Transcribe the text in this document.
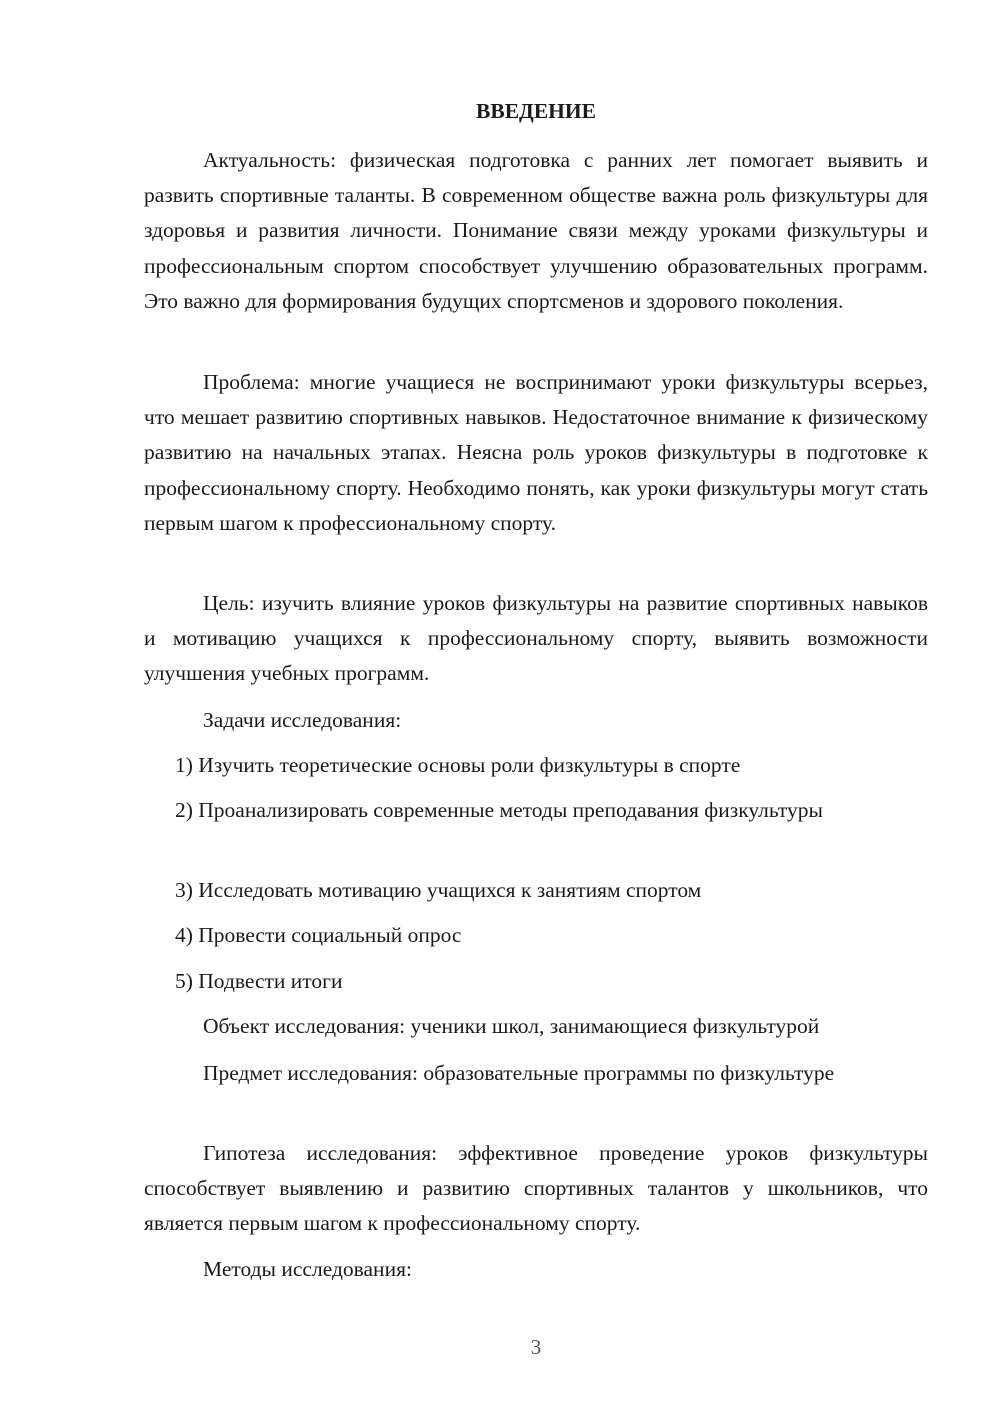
ВВЕДЕНИЕ

Актуальность: физическая подготовка с ранних лет помогает выявить и развить спортивные таланты. В современном обществе важна роль физкультуры для здоровья и развития личности. Понимание связи между уроками физкультуры и профессиональным спортом способствует улучшению образовательных программ. Это важно для формирования будущих спортсменов и здорового поколения.

Проблема: многие учащиеся не воспринимают уроки физкультуры всерьез, что мешает развитию спортивных навыков. Недостаточное внимание к физическому развитию на начальных этапах. Неясна роль уроков физкультуры в подготовке к профессиональному спорту. Необходимо понять, как уроки физкультуры могут стать первым шагом к профессиональному спорту.

Цель: изучить влияние уроков физкультуры на развитие спортивных навыков и мотивацию учащихся к профессиональному спорту, выявить возможности улучшения учебных программ.

Задачи исследования:

1) Изучить теоретические основы роли физкультуры в спорте

2) Проанализировать современные методы преподавания физкультуры

3) Исследовать мотивацию учащихся к занятиям спортом

4) Провести социальный опрос

5) Подвести итоги

Объект исследования: ученики школ, занимающиеся физкультурой

Предмет исследования: образовательные программы по физкультуре

Гипотеза исследования: эффективное проведение уроков физкультуры способствует выявлению и развитию спортивных талантов у школьников, что является первым шагом к профессиональному спорту.

Методы исследования:

3
